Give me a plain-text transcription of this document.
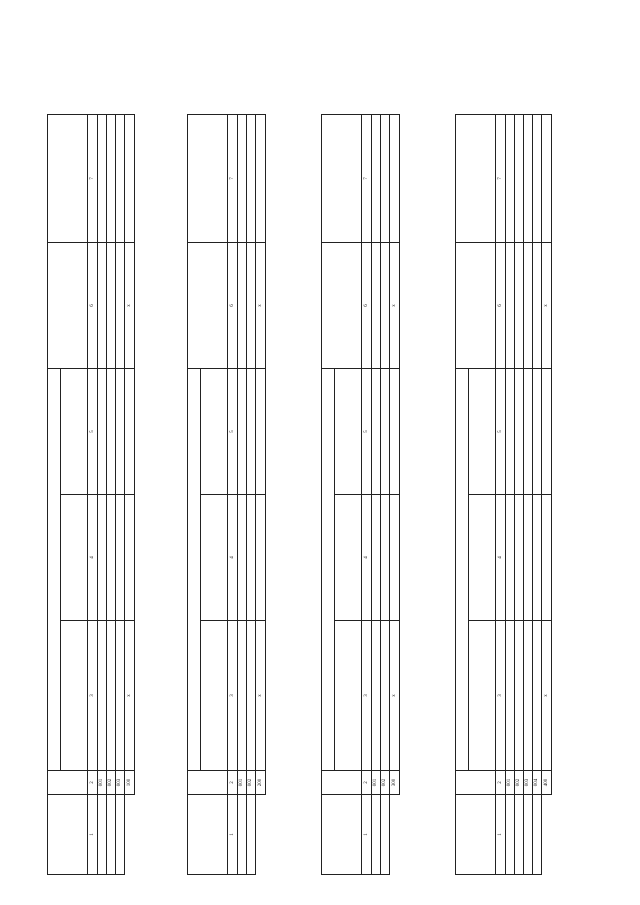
1	2	3	4	5	6	7
	001					
	002					
	003					
	100	x			x	

1	2	3	4	5	6	7
	001					
	002					
	200	x			x	

1	2	3	4	5	6	7
	001					
	002					
	300	x			x	

1	2	3	4	5	6	7
	001					
	002					
	003					
	004					
	400	x			x	
